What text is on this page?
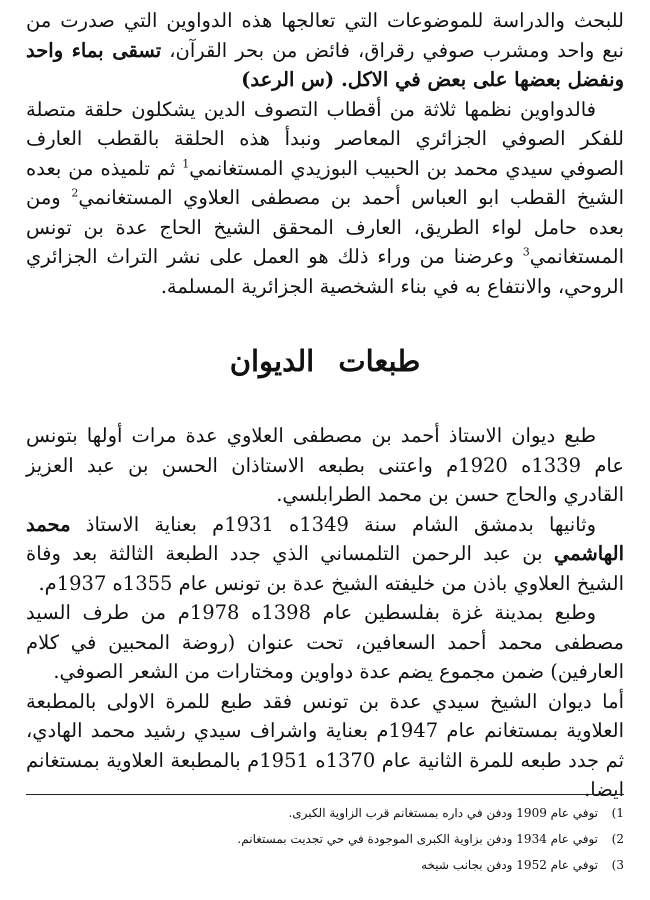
للبحث والدراسة للموضوعات التي تعالجها هذه الدواوين التي صدرت من نبع واحد ومشرب صوفي رقراق، فائض من بحر القرآن، تسقى بماء واحد ونفضل بعضها على بعض في الاكل. (س الرعد)

فالدواوين نظمها ثلاثة من أقطاب التصوف الدين يشكلون حلقة متصلة للفكر الصوفي الجزائري المعاصر ونبدأ هذه الحلقة بالقطب العارف الصوفي سيدي محمد بن الحبيب البوزيدي المستغانمي$^1$ ثم تلميذه من بعده الشيخ القطب ابو العباس أحمد بن مصطفى العلاوي المستغانمي$^2$ ومن بعده حامل لواء الطريق، العارف المحقق الشيخ الحاج عدة بن تونس المستغانمي$^3$ وعرضنا من وراء ذلك هو العمل على نشر التراث الجزائري الروحي، والانتفاع به في بناء الشخصية الجزائرية المسلمة.

طبعات الديوان

طبع ديوان الاستاذ أحمد بن مصطفى العلاوي عدة مرات أولها بتونس عام 1339ه 1920م واعتنى بطبعه الاستاذان الحسن بن عبد العزيز القادري والحاج حسن بن محمد الطرابلسي.

وثانيها بدمشق الشام سنة 1349ه 1931م بعناية الاستاذ محمد الهاشمي بن عبد الرحمن التلمساني الذي جدد الطبعة الثالثة بعد وفاة الشيخ العلاوي باذن من خليفته الشيخ عدة بن تونس عام 1355ه 1937م.

وطبع بمدينة غزة بفلسطين عام 1398ه 1978م من طرف السيد مصطفى محمد أحمد السعافين، تحت عنوان (روضة المحبين في كلام العارفين) ضمن مجموع يضم عدة دواوين ومختارات من الشعر الصوفي.

أما ديوان الشيخ سيدي عدة بن تونس فقد طبع للمرة الاولى بالمطبعة العلاوية بمستغانم عام 1947م بعناية واشراف سيدي رشيد محمد الهادي، ثم جدد طبعه للمرة الثانية عام 1370ه 1951م بالمطبعة العلاوية بمستغانم ايضا.

1)توفي عام 1909 ودفن في داره بمستغانم قرب الزاوية الكبرى.
2)توفي عام 1934 ودفن بزاوية الكبرى الموجودة في حي تجديت بمستغانم.
3)توفي عام 1952 ودفن بجانب شيخه
